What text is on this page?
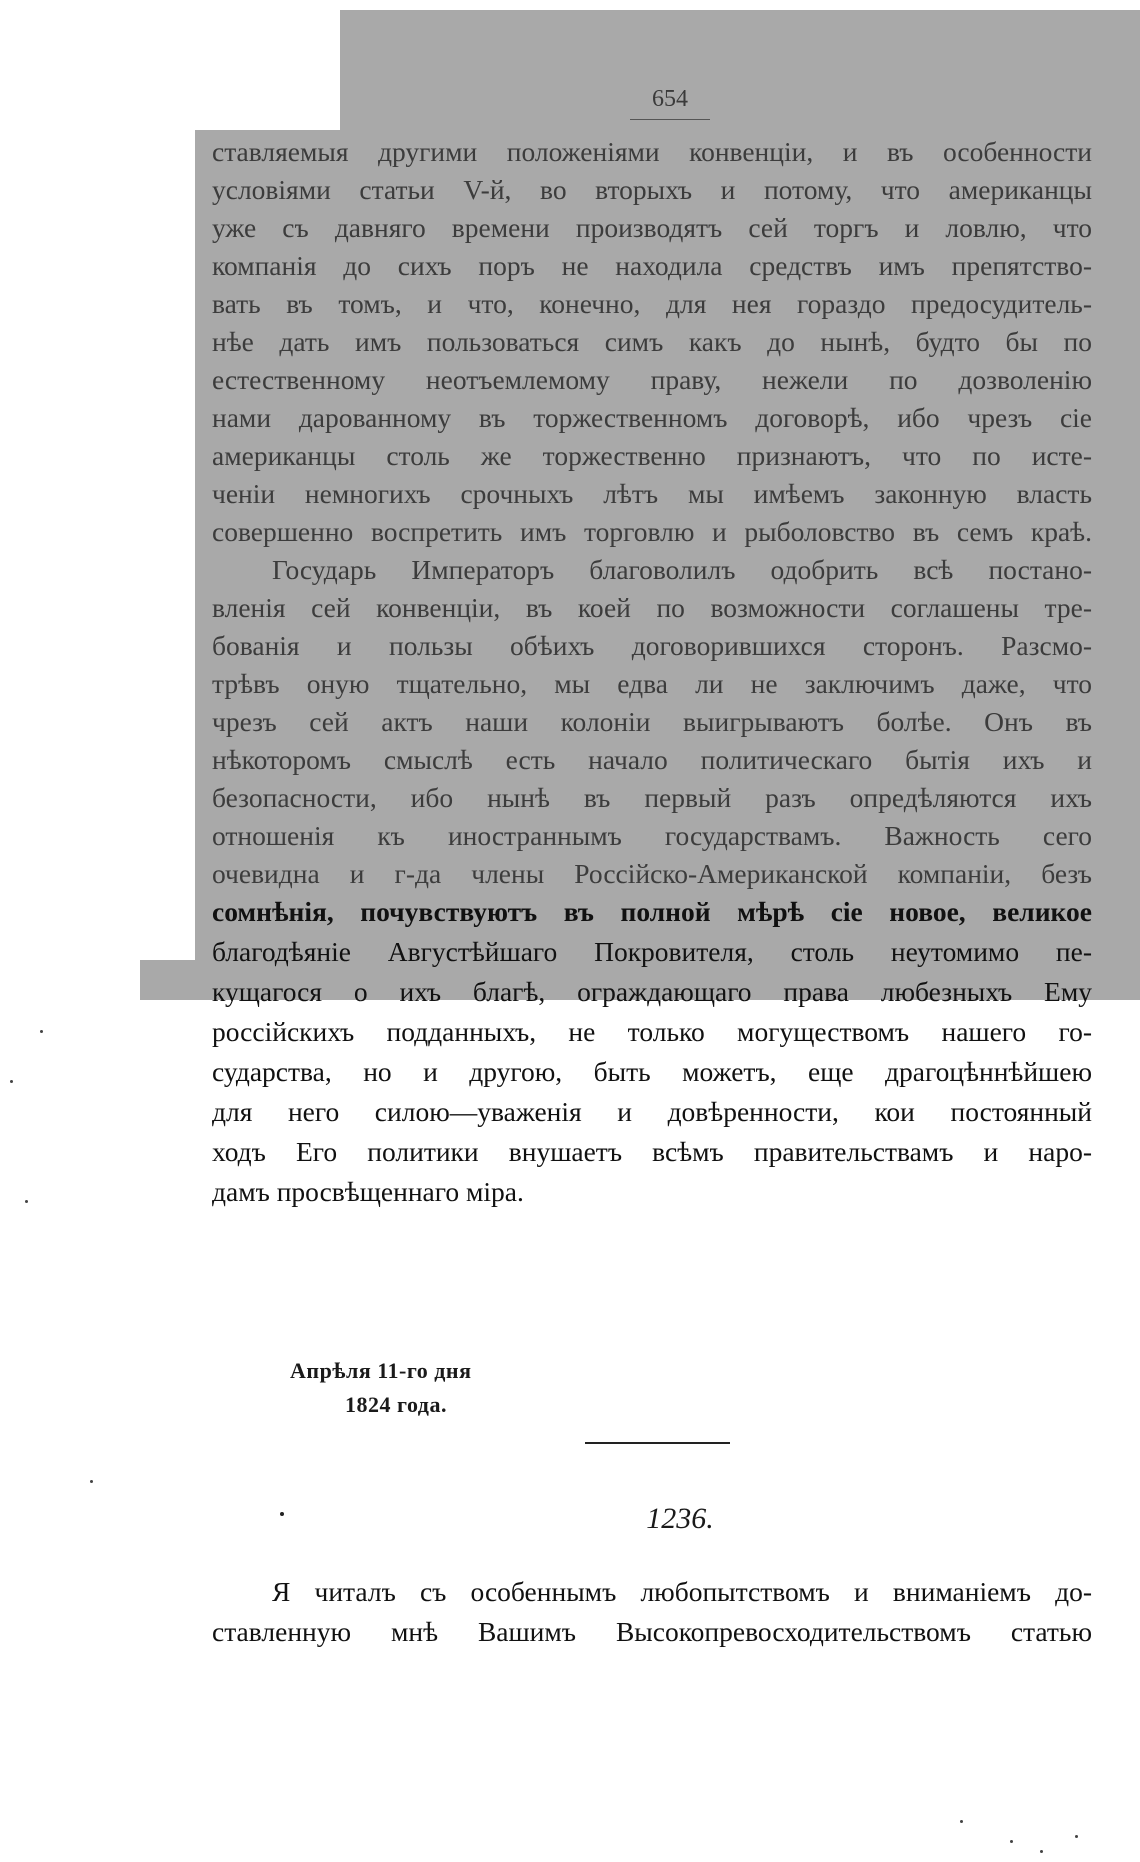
654
ставляемыя другими положеніями конвенціи, и въ особенности
условіями статьи V-й, во вторыхъ и потому, что американцы
уже съ давняго времени производятъ сей торгъ и ловлю, что
компанія до сихъ поръ не находила средствъ имъ препятство-
вать въ томъ, и что, конечно, для нея гораздо предосудитель-
нѣе дать имъ пользоваться симъ какъ до нынѣ, будто бы по
естественному неотъемлемому праву, нежели по дозволенію
нами дарованному въ торжественномъ договорѣ, ибо чрезъ сіе
американцы столь же торжественно признаютъ, что по исте-
ченіи немногихъ срочныхъ лѣтъ мы имѣемъ законную власть
совершенно воспретить имъ торговлю и рыболовство въ семъ краѣ.
Государь Императоръ благоволилъ одобрить всѣ постано-
вленія сей конвенціи, въ коей по возможности соглашены тре-
бованія и пользы обѣихъ договорившихся сторонъ. Разсмо-
трѣвъ оную тщательно, мы едва ли не заключимъ даже, что
чрезъ сей актъ наши колоніи выигрываютъ болѣе. Онъ въ
нѣкоторомъ смыслѣ есть начало политическаго бытія ихъ и
безопасности, ибо нынѣ въ первый разъ опредѣляются ихъ
отношенія къ иностраннымъ государствамъ. Важность сего
очевидна и г-да члены Россійско-Американской компаніи, безъ
сомнѣнія, почувствуютъ въ полной мѣрѣ сіе новое, великое
благодѣяніе Августѣйшаго Покровителя, столь неутомимо пе-
кущагося о ихъ благѣ, ограждающаго права любезныхъ Ему
россійскихъ подданныхъ, не только могуществомъ нашего го-
сударства, но и другою, быть можетъ, еще драгоцѣннѣйшею
для него силою—уваженія и довѣренности, кои постоянный
ходъ Его политики внушаетъ всѣмъ правительствамъ и наро-
дамъ просвѣщеннаго міра.
Апрѣля 11-го дня
1824 года.
1236.
Я читалъ съ особеннымъ любопытствомъ и вниманіемъ до-
ставленную мнѣ Вашимъ Высокопревосходительствомъ статью
